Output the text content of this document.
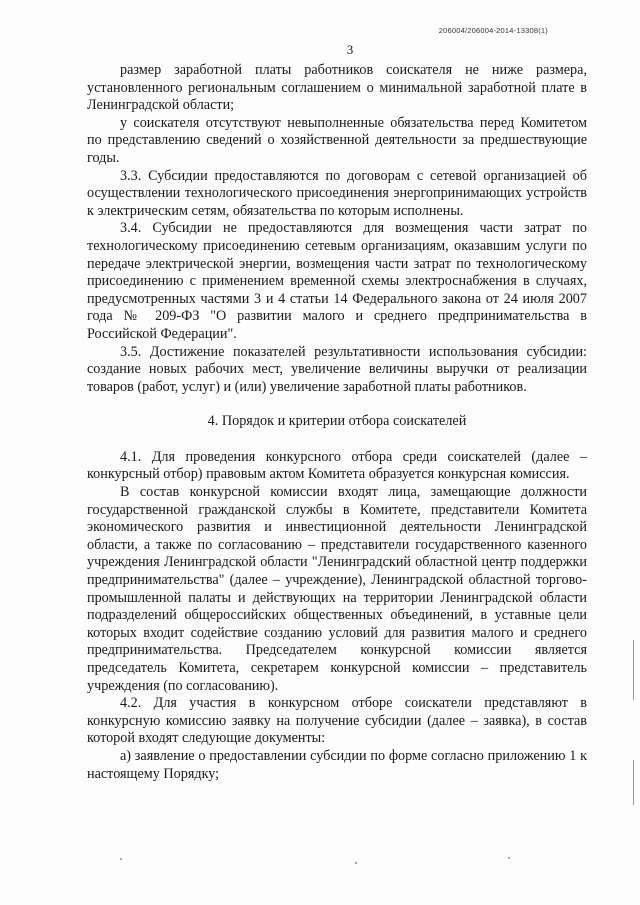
206004/206004-2014-13308(1)
3

размер заработной платы работников соискателя не ниже размера, установленного региональным соглашением о минимальной заработной плате в Ленинградской области;

у соискателя отсутствуют невыполненные обязательства перед Комитетом по представлению сведений о хозяйственной деятельности за предшествующие годы.

3.3. Субсидии предоставляются по договорам с сетевой организацией об осуществлении технологического присоединения энергопринимающих устройств к электрическим сетям, обязательства по которым исполнены.

3.4. Субсидии не предоставляются для возмещения части затрат по технологическому присоединению сетевым организациям, оказавшим услуги по передаче электрической энергии, возмещения части затрат по технологическому присоединению с применением временной схемы электроснабжения в случаях, предусмотренных частями 3 и 4 статьи 14 Федерального закона от 24 июля 2007 года № 209-ФЗ "О развитии малого и среднего предпринимательства в Российской Федерации".

3.5. Достижение показателей результативности использования субсидии: создание новых рабочих мест, увеличение величины выручки от реализации товаров (работ, услуг) и (или) увеличение заработной платы работников.

4. Порядок и критерии отбора соискателей

4.1. Для проведения конкурсного отбора среди соискателей (далее – конкурсный отбор) правовым актом Комитета образуется конкурсная комиссия.

В состав конкурсной комиссии входят лица, замещающие должности государственной гражданской службы в Комитете, представители Комитета экономического развития и инвестиционной деятельности Ленинградской области, а также по согласованию – представители государственного казенного учреждения Ленинградской области "Ленинградский областной центр поддержки предпринимательства" (далее – учреждение), Ленинградской областной торгово-промышленной палаты и действующих на территории Ленинградской области подразделений общероссийских общественных объединений, в уставные цели которых входит содействие созданию условий для развития малого и среднего предпринимательства. Председателем конкурсной комиссии является председатель Комитета, секретарем конкурсной комиссии – представитель учреждения (по согласованию).

4.2. Для участия в конкурсном отборе соискатели представляют в конкурсную комиссию заявку на получение субсидии (далее – заявка), в состав которой входят следующие документы:

а) заявление о предоставлении субсидии по форме согласно приложению 1 к настоящему Порядку;
